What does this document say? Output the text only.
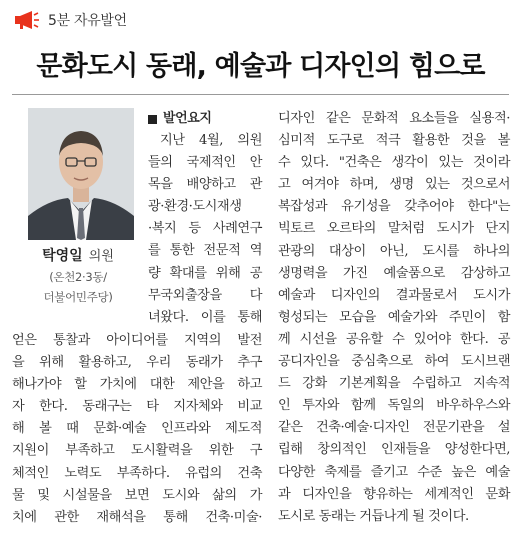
5분 자유발언
문화도시 동래, 예술과 디자인의 힘으로
탁영일 의원
(온천2·3동/
더불어민주당)
발언요지
지난 4월, 의원
들의 국제적인 안
목을 배양하고 관
광·환경·도시재생
·복지 등 사례연구
를 통한 전문적 역
량 확대를 위해 공
무국외출장을 다
녀왔다. 이를 통해
얻은 통찰과 아이디어를 지역의 발전
을 위해 활용하고, 우리 동래가 추구
해나가야 할 가치에 대한 제안을 하고
자 한다. 동래구는 타 지자체와 비교
해 볼 때 문화·예술 인프라와 제도적
지원이 부족하고 도시활력을 위한 구
체적인 노력도 부족하다. 유럽의 건축
물 및 시설물을 보면 도시와 삶의 가
치에 관한 재해석을 통해 건축·미술·
디자인 같은 문화적 요소들을 실용적·
심미적 도구로 적극 활용한 것을 볼
수 있다. "건축은 생각이 있는 것이라
고 여겨야 하며, 생명 있는 것으로서
복잡성과 유기성을 갖추어야 한다"는
빅토르 오르타의 말처럼 도시가 단지
관광의 대상이 아닌, 도시를 하나의
생명력을 가진 예술품으로 감상하고
예술과 디자인의 결과물로서 도시가
형성되는 모습을 예술가와 주민이 함
께 시선을 공유할 수 있어야 한다. 공
공디자인을 중심축으로 하여 도시브랜
드 강화 기본계획을 수립하고 지속적
인 투자와 함께 독일의 바우하우스와
같은 건축·예술·디자인 전문기관을 설
립해 창의적인 인재들을 양성한다면,
다양한 축제를 즐기고 수준 높은 예술
과 디자인을 향유하는 세계적인 문화
도시로 동래는 거듭나게 될 것이다.
